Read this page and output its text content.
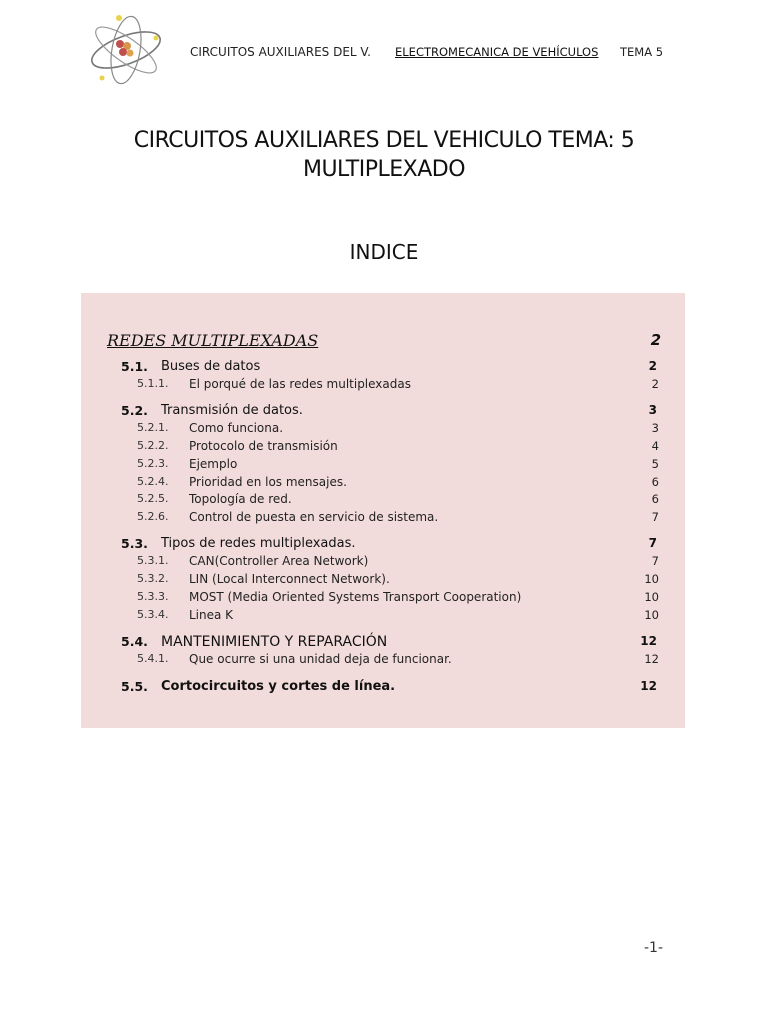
CIRCUITOS AUXILIARES DEL V. ELECTROMECANICA DE VEHÍCULOS TEMA 5
CIRCUITOS AUXILIARES DEL VEHICULO TEMA: 5
MULTIPLEXADO
INDICE
REDES MULTIPLEXADAS	2
5.1. Buses de datos	2
5.1.1. El porqué de las redes multiplexadas	2
5.2. Transmisión de datos.	3
5.2.1. Como funciona.	3
5.2.2. Protocolo de transmisión	4
5.2.3. Ejemplo	5
5.2.4. Prioridad en los mensajes.	6
5.2.5. Topología de red.	6
5.2.6. Control de puesta en servicio de sistema.	7
5.3. Tipos de redes multiplexadas.	7
5.3.1. CAN(Controller Area Network)	7
5.3.2. LIN (Local Interconnect Network).	10
5.3.3. MOST (Media Oriented Systems Transport Cooperation)	10
5.3.4. Linea K	10
5.4. MANTENIMIENTO Y REPARACIÓN	12
5.4.1. Que ocurre si una unidad deja de funcionar.	12
5.5. Cortocircuitos y cortes de línea.	12
-1-
